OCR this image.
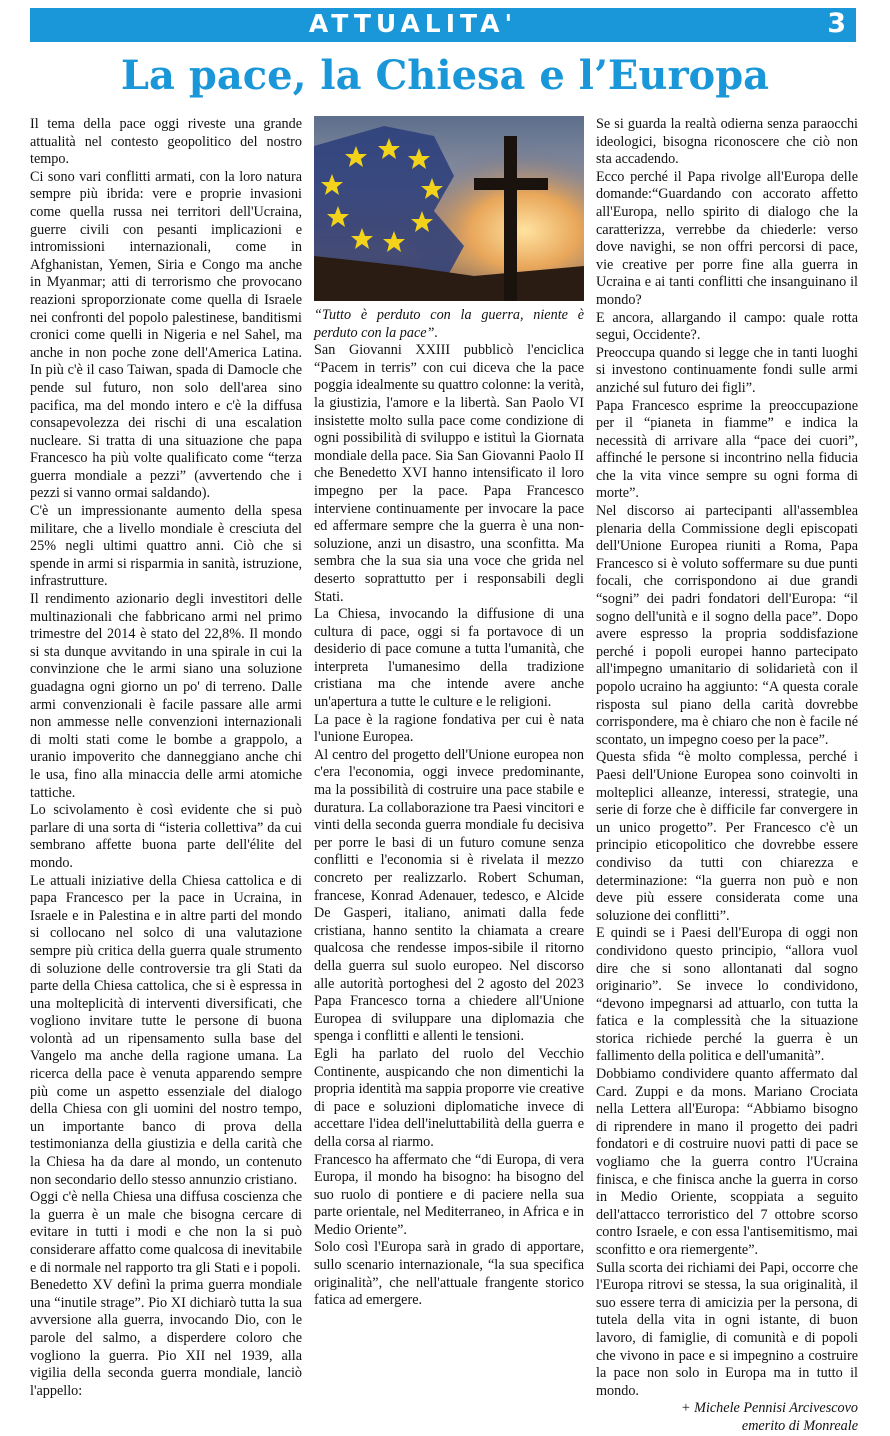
ATTUALITA'	3
La pace, la Chiesa e l’Europa

Il tema della pace oggi riveste una grande attualità nel contesto geopolitico del nostro tempo.

Ci sono vari conflitti armati, con la loro natura sempre più ibrida: vere e proprie invasioni come quella russa nei territori dell'Ucraina, guerre civili con pesanti implicazioni e intromissioni internazionali, come in Afghanistan, Yemen, Siria e Congo ma anche in Myanmar; atti di terrorismo che provocano reazioni sproporzionate come quella di Israele nei confronti del popolo palestinese, banditismi cronici come quelli in Nigeria e nel Sahel, ma anche in non poche zone dell'America Latina. In più c'è il caso Taiwan, spada di Damocle che pende sul futuro, non solo dell'area sino pacifica, ma del mondo intero e c'è la diffusa consapevolezza dei rischi di una escalation nucleare. Si tratta di una situazione che papa Francesco ha più volte qualificato come “terza guerra mondiale a pezzi” (avvertendo che i pezzi si vanno ormai saldando).

C'è un impressionante aumento della spesa militare, che a livello mondiale è cresciuta del 25% negli ultimi quattro anni. Ciò che si spende in armi si risparmia in sanità, istruzione, infrastrutture.

Il rendimento azionario degli investitori delle multinazionali che fabbricano armi nel primo trimestre del 2014 è stato del 22,8%. Il mondo si sta dunque avvitando in una spirale in cui la convinzione che le armi siano una soluzione guadagna ogni giorno un po' di terreno. Dalle armi convenzionali è facile passare alle armi non ammesse nelle convenzioni internazionali di molti stati come le bombe a grappolo, a uranio impoverito che danneggiano anche chi le usa, fino alla minaccia delle armi atomiche tattiche.

Lo scivolamento è così evidente che si può parlare di una sorta di “isteria collettiva” da cui sembrano affette buona parte dell'élite del mondo.

Le attuali iniziative della Chiesa cattolica e di papa Francesco per la pace in Ucraina, in Israele e in Palestina e in altre parti del mondo si collocano nel solco di una valutazione sempre più critica della guerra quale strumento di soluzione delle controversie tra gli Stati da parte della Chiesa cattolica, che si è espressa in una molteplicità di interventi diversificati, che vogliono invitare tutte le persone di buona volontà ad un ripensamento sulla base del Vangelo ma anche della ragione umana. La ricerca della pace è venuta apparendo sempre più come un aspetto essenziale del dialogo della Chiesa con gli uomini del nostro tempo, un importante banco di prova della testimonianza della giustizia e della carità che la Chiesa ha da dare al mondo, un contenuto non secondario dello stesso annunzio cristiano.

Oggi c'è nella Chiesa una diffusa coscienza che la guerra è un male che bisogna cercare di evitare in tutti i modi e che non la si può considerare affatto come qualcosa di inevitabile e di normale nel rapporto tra gli Stati e i popoli.

Benedetto XV definì la prima guerra mondiale una “inutile strage”. Pio XI dichiarò tutta la sua avversione alla guerra, invocando Dio, con le parole del salmo, a disperdere coloro che vogliono la guerra. Pio XII nel 1939, alla vigilia della seconda guerra mondiale, lanciò l'appello:

“Tutto è perduto con la guerra, niente è perduto con la pace”.

San Giovanni XXIII pubblicò l'enciclica “Pacem in terris” con cui diceva che la pace poggia idealmente su quattro colonne: la verità, la giustizia, l'amore e la libertà. San Paolo VI insistette molto sulla pace come condizione di ogni possibilità di sviluppo e istituì la Giornata mondiale della pace. Sia San Giovanni Paolo II che Benedetto XVI hanno intensificato il loro impegno per la pace. Papa Francesco interviene continuamente per invocare la pace ed affermare sempre che la guerra è una non-soluzione, anzi un disastro, una sconfitta. Ma sembra che la sua sia una voce che grida nel deserto soprattutto per i responsabili degli Stati.

La Chiesa, invocando la diffusione di una cultura di pace, oggi si fa portavoce di un desiderio di pace comune a tutta l'umanità, che interpreta l'umanesimo della tradizione cristiana ma che intende avere anche un'apertura a tutte le culture e le religioni.

La pace è la ragione fondativa per cui è nata l'unione Europea.

Al centro del progetto dell'Unione europea non c'era l'economia, oggi invece predominante, ma la possibilità di costruire una pace stabile e duratura. La collaborazione tra Paesi vincitori e vinti della seconda guerra mondiale fu decisiva per porre le basi di un futuro comune senza conflitti e l'economia si è rivelata il mezzo concreto per realizzarlo. Robert Schuman, francese, Konrad Adenauer, tedesco, e Alcide De Gasperi, italiano, animati dalla fede cristiana, hanno sentito la chiamata a creare qualcosa che rendesse impos-sibile il ritorno della guerra sul suolo europeo. Nel discorso alle autorità portoghesi del 2 agosto del 2023 Papa Francesco torna a chiedere all'Unione Europea di sviluppare una diplomazia che spenga i conflitti e allenti le tensioni.

Egli ha parlato del ruolo del Vecchio Continente, auspicando che non dimentichi la propria identità ma sappia proporre vie creative di pace e soluzioni diplomatiche invece di accettare l'idea dell'ineluttabilità della guerra e della corsa al riarmo.

Francesco ha affermato che “di Europa, di vera Europa, il mondo ha bisogno: ha bisogno del suo ruolo di pontiere e di paciere nella sua parte orientale, nel Mediterraneo, in Africa e in Medio Oriente”.

Solo così l'Europa sarà in grado di apportare, sullo scenario internazionale, “la sua specifica originalità”, che nell'attuale frangente storico fatica ad emergere.

Se si guarda la realtà odierna senza paraocchi ideologici, bisogna riconoscere che ciò non sta accadendo.

Ecco perché il Papa rivolge all'Europa delle domande:“Guardando con accorato affetto all'Europa, nello spirito di dialogo che la caratterizza, verrebbe da chiederle: verso dove navighi, se non offri percorsi di pace, vie creative per porre fine alla guerra in Ucraina e ai tanti conflitti che insanguinano il mondo?

E ancora, allargando il campo: quale rotta segui, Occidente?.

Preoccupa quando si legge che in tanti luoghi si investono continuamente fondi sulle armi anziché sul futuro dei figli”.

Papa Francesco esprime la preoccupazione per il “pianeta in fiamme” e indica la necessità di arrivare alla “pace dei cuori”, affinché le persone si incontrino nella fiducia che la vita vince sempre su ogni forma di morte”.

Nel discorso ai partecipanti all'assemblea plenaria della Commissione degli episcopati dell'Unione Europea riuniti a Roma, Papa Francesco si è voluto soffermare su due punti focali, che corrispondono ai due grandi “sogni” dei padri fondatori dell'Europa: “il sogno dell'unità e il sogno della pace”. Dopo avere espresso la propria soddisfazione perché i popoli europei hanno partecipato all'impegno umanitario di solidarietà con il popolo ucraino ha aggiunto: “A questa corale risposta sul piano della carità dovrebbe corrispondere, ma è chiaro che non è facile né scontato, un impegno coeso per la pace”.

Questa sfida “è molto complessa, perché i Paesi dell'Unione Europea sono coinvolti in molteplici alleanze, interessi, strategie, una serie di forze che è difficile far convergere in un unico progetto”. Per Francesco c'è un principio eticopolitico che dovrebbe essere condiviso da tutti con chiarezza e determinazione: “la guerra non può e non deve più essere considerata come una soluzione dei conflitti”.

E quindi se i Paesi dell'Europa di oggi non condividono questo principio, “allora vuol dire che si sono allontanati dal sogno originario”. Se invece lo condividono, “devono impegnarsi ad attuarlo, con tutta la fatica e la complessità che la situazione storica richiede perché la guerra è un fallimento della politica e dell'umanità”.

Dobbiamo condividere quanto affermato dal Card. Zuppi e da mons. Mariano Crociata nella Lettera all'Europa: “Abbiamo bisogno di riprendere in mano il progetto dei padri fondatori e di costruire nuovi patti di pace se vogliamo che la guerra contro l'Ucraina finisca, e che finisca anche la guerra in corso in Medio Oriente, scoppiata a seguito dell'attacco terroristico del 7 ottobre scorso contro Israele, e con essa l'antisemitismo, mai sconfitto e ora riemergente”.

Sulla scorta dei richiami dei Papi, occorre che l'Europa ritrovi se stessa, la sua originalità, il suo essere terra di amicizia per la persona, di tutela della vita in ogni istante, di buon lavoro, di famiglie, di comunità e di popoli che vivono in pace e si impegnino a costruire la pace non solo in Europa ma in tutto il mondo.

+ Michele Pennisi Arcivescovo

emerito di Monreale
